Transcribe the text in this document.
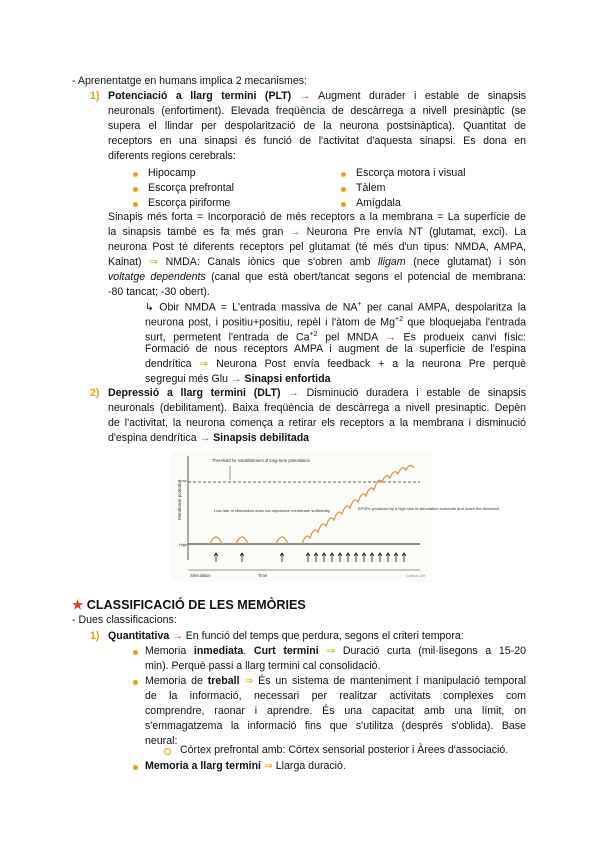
- Aprenentatge en humans implica 2 mecanismes:
1) Potenciació a llarg termini (PLT) → Augment durader i estable de sinapsis
neuronals (enfortiment). Elevada freqüència de descàrrega a nivell presinàptic (se
supera el llindar per despolarització de la neurona postsinàptica). Quantitat de
receptors en una sinapsi és funció de l'activitat d'aquesta sinapsi. Es dona en
diferents regions cerebrals:
Hipocamp
Escorça prefrontal
Escorça piriforme
Escorça motora i visual
Tàlem
Amígdala
Sinapis més forta = Incorporació de més receptors a la membrana = La superfície de
la sinapsis també es fa més gran → Neurona Pre envía NT (glutamat, exci). La
neurona Post té diferents receptors pel glutamat (té més d'un tipus: NMDA, AMPA,
Kainat) ⇒ NMDA: Canals iònics que s'obren amb lligam (nece glutamat) i són
voltatge dependents (canal que està obert/tancat segons el potencial de membrana:
-80 tancat; -30 obert).
↳ Obir NMDA = L'entrada massiva de NA+ per canal AMPA, despolaritza la
neurona post, i positiu+positiu, repèl i l'àtom de $Mg^{+2}$ que bloquejaba l'entrada
surt, permetent l'entrada de $Ca^{+2}$ pel MNDA → Es produeix canvi físic:
Formació de nous receptors AMPA i augment de la superfície de l'espina
dendrítica ⇒ Neurona Post envía feedback + a la neurona Pre perquè
segregui més Glu → Sinapsi enfortida
2) Depressió a llarg termini (DLT) → Disminució duradera i estable de sinapsis
neuronals (debilitament). Baixa freqüència de descàrrega a nivell presinaptic. Depèn
de l'activitat, la neurona comença a retirar els receptors a la membrana i disminució
d'espina dendrítica → Sinapsis debilitada
Membrane potential
Low
High
Threshold for establishment of long-term potentiation
Low rate of stimulation does not depolarize membrane sufficiently	EPSPs produced by a high rate of stimulation summate and reach the threshold
Stimulation	Time	Carlson 10e
★ CLASSIFICACIÓ DE LES MEMÒRIES
- Dues classificacions:
1) Quantitativa → En funció del temps que perdura, segons el criteri tempora:
Memoria inmediata. Curt termini ⇒ Duració curta (mil·lisegons a 15-20
min). Perquè passi a llarg termini cal consolidació.
Memoria de treball ⇒ És un sistema de manteniment i manipulació temporal
de la informació, necessari per realitzar activitats complexes com
comprendre, raonar i aprendre. És una capacitat amb una límit, on
s'emmagatzema la informació fins que s'utilitza (després s'oblida). Base
neural:
Córtex prefrontal amb: Córtex sensorial posterior i Àrees d'associació.
Memoria a llarg termini ⇒ Llarga duració.
